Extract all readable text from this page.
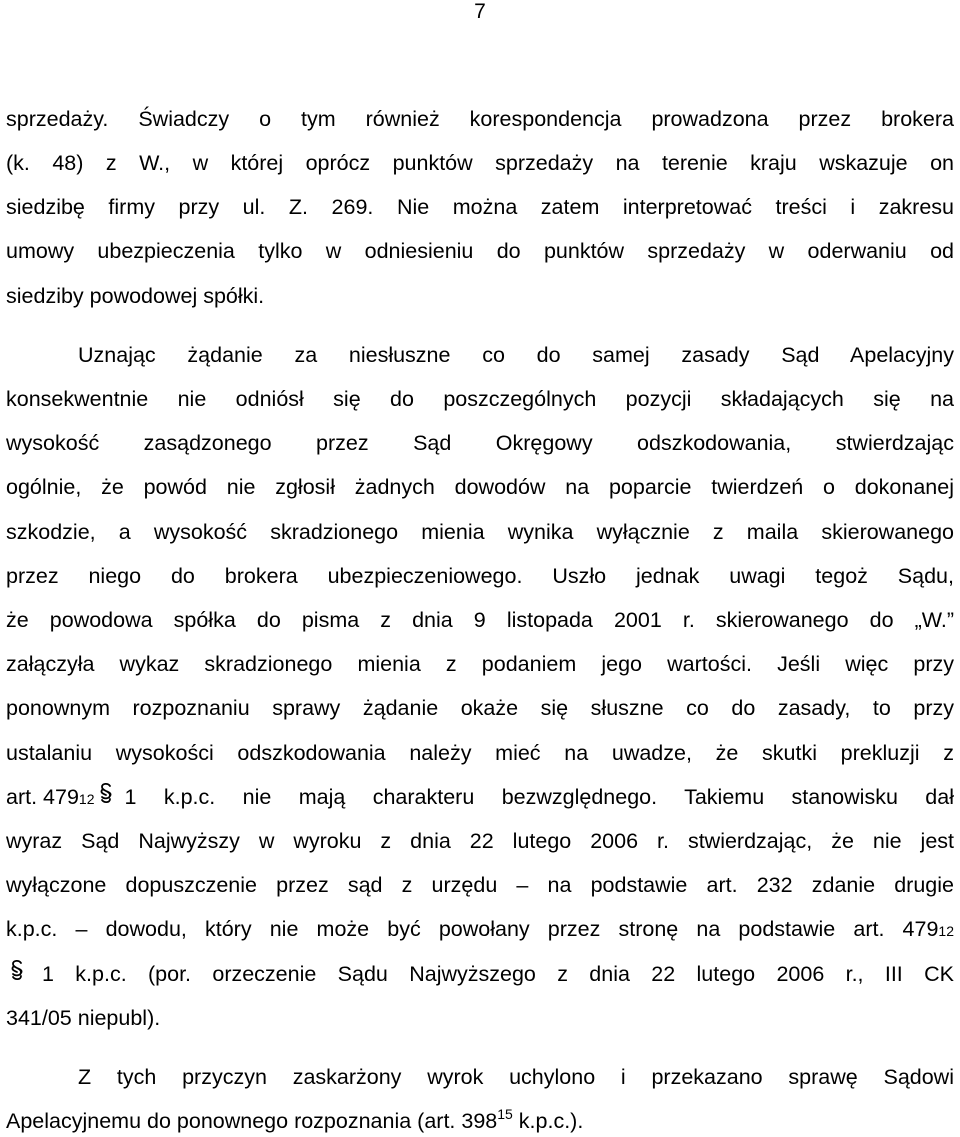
7
sprzedaży. Świadczy o tym również korespondencja prowadzona przez brokera
(k. 48) z W., w której oprócz punktów sprzedaży na terenie kraju wskazuje on
siedzibę firmy przy ul. Z. 269. Nie można zatem interpretować treści i zakresu
umowy ubezpieczenia tylko w odniesieniu do punktów sprzedaży w oderwaniu od
siedziby powodowej spółki.
Uznając żądanie za niesłuszne co do samej zasady Sąd Apelacyjny
konsekwentnie nie odniósł się do poszczególnych pozycji składających się na
wysokość zasądzonego przez Sąd Okręgowy odszkodowania, stwierdzając
ogólnie, że powód nie zgłosił żadnych dowodów na poparcie twierdzeń o dokonanej
szkodzie, a wysokość skradzionego mienia wynika wyłącznie z maila skierowanego
przez niego do brokera ubezpieczeniowego. Uszło jednak uwagi tegoż Sądu,
że powodowa spółka do pisma z dnia 9 listopada 2001 r. skierowanego do „W.”
załączyła wykaz skradzionego mienia z podaniem jego wartości. Jeśli więc przy
ponownym rozpoznaniu sprawy żądanie okaże się słuszne co do zasady, to przy
ustalaniu wysokości odszkodowania należy mieć na uwadze, że skutki prekluzji z
art. 479 12 1 k.p.c. nie mają charakteru bezwzględnego. Takiemu stanowisku dał
wyraz Sąd Najwyższy w wyroku z dnia 22 lutego 2006 r. stwierdzając, że nie jest
wyłączone dopuszczenie przez sąd z urzędu – na podstawie art. 232 zdanie drugie
k.p.c. – dowodu, który nie może być powołany przez stronę na podstawie art. 479 12
1 k.p.c. (por. orzeczenie Sądu Najwyższego z dnia 22 lutego 2006 r., III CK
341/05 niepubl).
Z tych przyczyn zaskarżony wyrok uchylono i przekazano sprawę Sądowi
Apelacyjnemu do ponownego rozpoznania (art. $398^{15}$ k.p.c.).
